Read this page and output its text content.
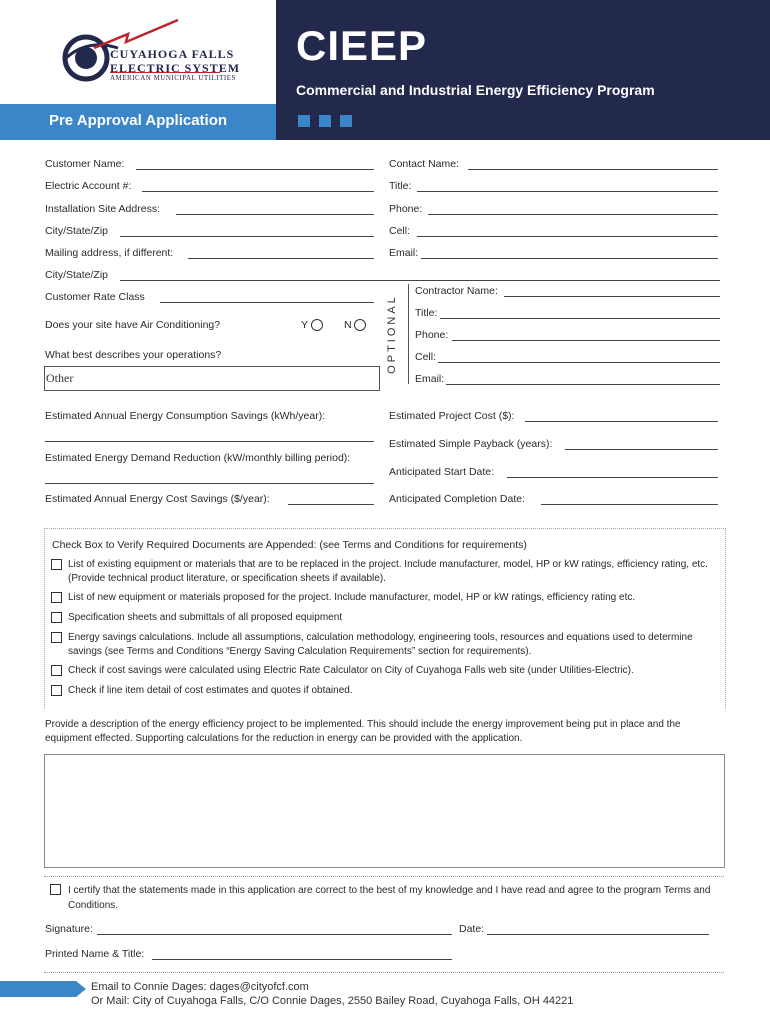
CIEEP
Commercial and Industrial Energy Efficiency Program
Pre Approval Application
CUYAHOGA FALLS
ELECTRIC SYSTEM
AMERICAN MUNICIPAL UTILITIES
Customer Name:
Electric Account #:
Installation Site Address:
City/State/Zip
Mailing address, if different:
City/State/Zip
Customer Rate Class
Does your site have Air Conditioning?	Y	N
What best describes your operations?
Other
Contact Name:
Title:
Phone:
Cell:
Email:
OPTIONAL
Contractor Name:
Title:
Phone:
Cell:
Email:
Estimated Annual Energy Consumption Savings (kWh/year):
Estimated Energy Demand Reduction (kW/monthly billing period):
Estimated Annual Energy Cost Savings ($/year):
Estimated Project Cost ($):
Estimated Simple Payback (years):
Anticipated Start Date:
Anticipated Completion Date:
Check Box to Verify Required Documents are Appended: (see Terms and Conditions for requirements)
List of existing equipment or materials that are to be replaced in the project. Include manufacturer, model, HP or kW ratings, efficiency rating, etc. (Provide technical product literature, or specification sheets if available).
List of new equipment or materials proposed for the project. Include manufacturer, model, HP or kW ratings, efficiency rating etc.
Specification sheets and submittals of all proposed equipment
Energy savings calculations. Include all assumptions, calculation methodology, engineering tools, resources and equations used to determine savings (see Terms and Conditions “Energy Saving Calculation Requirements” section for requirements).
Check if cost savings were calculated using Electric Rate Calculator on City of Cuyahoga Falls web site (under Utilities-Electric).
Check if line item detail of cost estimates and quotes if obtained.
Provide a description of the energy efficiency project to be implemented. This should include the energy improvement being put in place and the equipment effected. Supporting calculations for the reduction in energy can be provided with the application.
I certify that the statements made in this application are correct to the best of my knowledge and I have read and agree to the program Terms and Conditions.
Signature:	Date:
Printed Name & Title:
Email to Connie Dages: dages@cityofcf.com
Or Mail: City of Cuyahoga Falls, C/O Connie Dages, 2550 Bailey Road, Cuyahoga Falls, OH 44221
